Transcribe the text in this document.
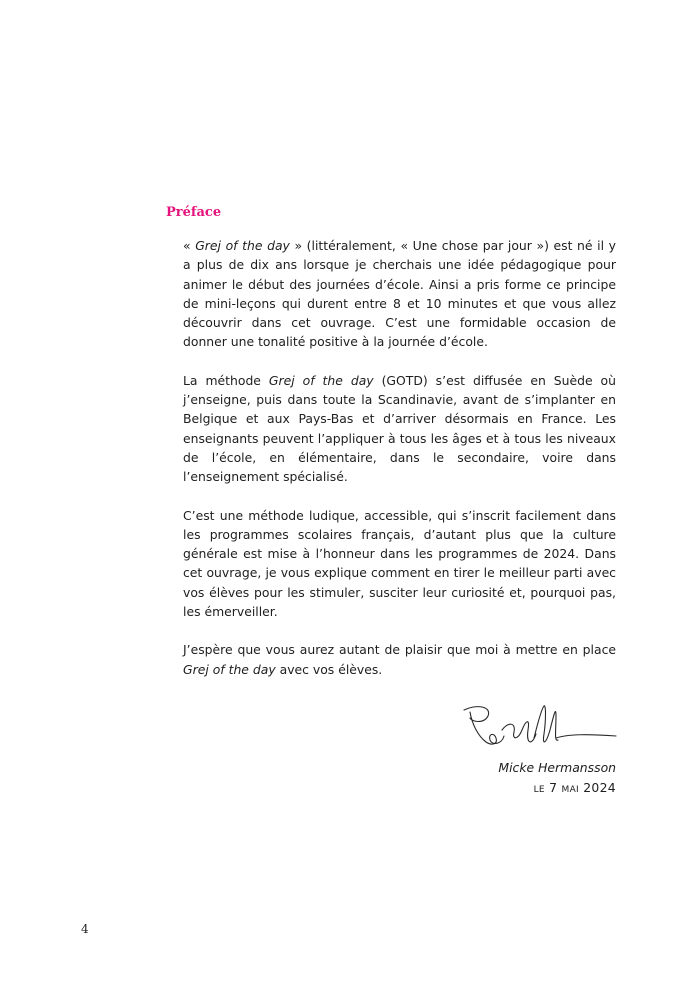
Préface

« Grej of the day » (littéralement, « Une chose par jour ») est né il y a plus de dix ans lorsque je cherchais une idée pédagogique pour animer le début des journées d’école. Ainsi a pris forme ce principe de mini-leçons qui durent entre 8 et 10 minutes et que vous allez découvrir dans cet ouvrage. C’est une formidable occasion de donner une tonalité positive à la journée d’école.

La méthode Grej of the day (GOTD) s’est diffusée en Suède où j’enseigne, puis dans toute la Scandinavie, avant de s’implanter en Belgique et aux Pays-Bas et d’arriver désormais en France. Les enseignants peuvent l’appliquer à tous les âges et à tous les niveaux de l’école, en élémentaire, dans le secondaire, voire dans l’enseignement spécialisé.

C’est une méthode ludique, accessible, qui s’inscrit facilement dans les programmes scolaires français, d’autant plus que la culture générale est mise à l’honneur dans les programmes de 2024. Dans cet ouvrage, je vous explique comment en tirer le meilleur parti avec vos élèves pour les stimuler, susciter leur curiosité et, pourquoi pas, les émerveiller.

J’espère que vous aurez autant de plaisir que moi à mettre en place Grej of the day avec vos élèves.

Micke Hermansson
le 7 mai 2024
4
